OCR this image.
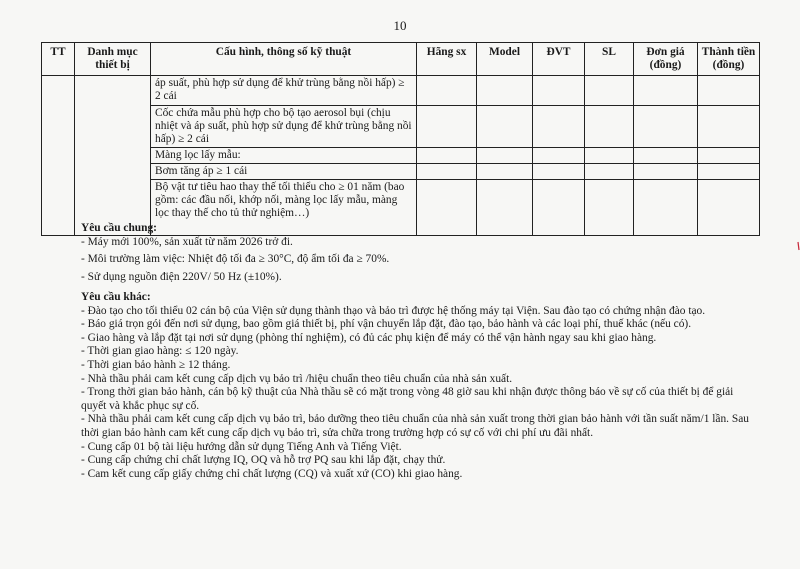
10
TT	Danh mục thiết bị	Cấu hình, thông số kỹ thuật	Hãng sx	Model	ĐVT	SL	Đơn giá (đồng)	Thành tiền (đồng)
		áp suất, phù hợp sử dụng để khử trùng bằng nồi hấp) ≥ 2 cái						
		Cốc chứa mẫu phù hợp cho bộ tạo aerosol bụi (chịu nhiệt và áp suất, phù hợp sử dụng để khử trùng bằng nồi hấp) ≥ 2 cái						
		Màng lọc lấy mẫu:						
		Bơm tăng áp ≥ 1 cái						
		Bộ vật tư tiêu hao thay thế tối thiểu cho ≥ 01 năm (bao gồm: các đầu nối, khớp nối, màng lọc lấy mẫu, màng lọc thay thế cho tủ thử nghiệm…)						

Yêu cầu chung:

- Máy mới 100%, sản xuất từ năm 2026 trở đi.

- Môi trường làm việc: Nhiệt độ tối đa ≥ 30°C, độ ẩm tối đa ≥ 70%.

- Sử dụng nguồn điện 220V/ 50 Hz (±10%).

Yêu cầu khác:

- Đào tạo cho tối thiểu 02 cán bộ của Viện sử dụng thành thạo và bảo trì được hệ thống máy tại Viện. Sau đào tạo có chứng nhận đào tạo.

- Báo giá trọn gói đến nơi sử dụng, bao gồm giá thiết bị, phí vận chuyển lắp đặt, đào tạo, bảo hành và các loại phí, thuế khác (nếu có).

- Giao hàng và lắp đặt tại nơi sử dụng (phòng thí nghiệm), có đủ các phụ kiện để máy có thể vận hành ngay sau khi giao hàng.

- Thời gian giao hàng: ≤ 120 ngày.

- Thời gian bảo hành ≥ 12 tháng.

- Nhà thầu phải cam kết cung cấp dịch vụ bảo trì /hiệu chuẩn theo tiêu chuẩn của nhà sản xuất.

- Trong thời gian bảo hành, cán bộ kỹ thuật của Nhà thầu sẽ có mặt trong vòng 48 giờ sau khi nhận được thông báo về sự cố của thiết bị để giải quyết và khắc phục sự cố.

- Nhà thầu phải cam kết cung cấp dịch vụ bảo trì, bảo dưỡng theo tiêu chuẩn của nhà sản xuất trong thời gian bảo hành với tần suất năm/1 lần. Sau thời gian bảo hành cam kết cung cấp dịch vụ bảo trì, sửa chữa trong trường hợp có sự cố với chi phí ưu đãi nhất.

- Cung cấp 01 bộ tài liệu hướng dẫn sử dụng Tiếng Anh và Tiếng Việt.

- Cung cấp chứng chỉ chất lượng IQ, OQ và hỗ trợ PQ sau khi lắp đặt, chạy thử.

- Cam kết cung cấp giấy chứng chỉ chất lượng (CQ) và xuất xứ (CO) khi giao hàng.
